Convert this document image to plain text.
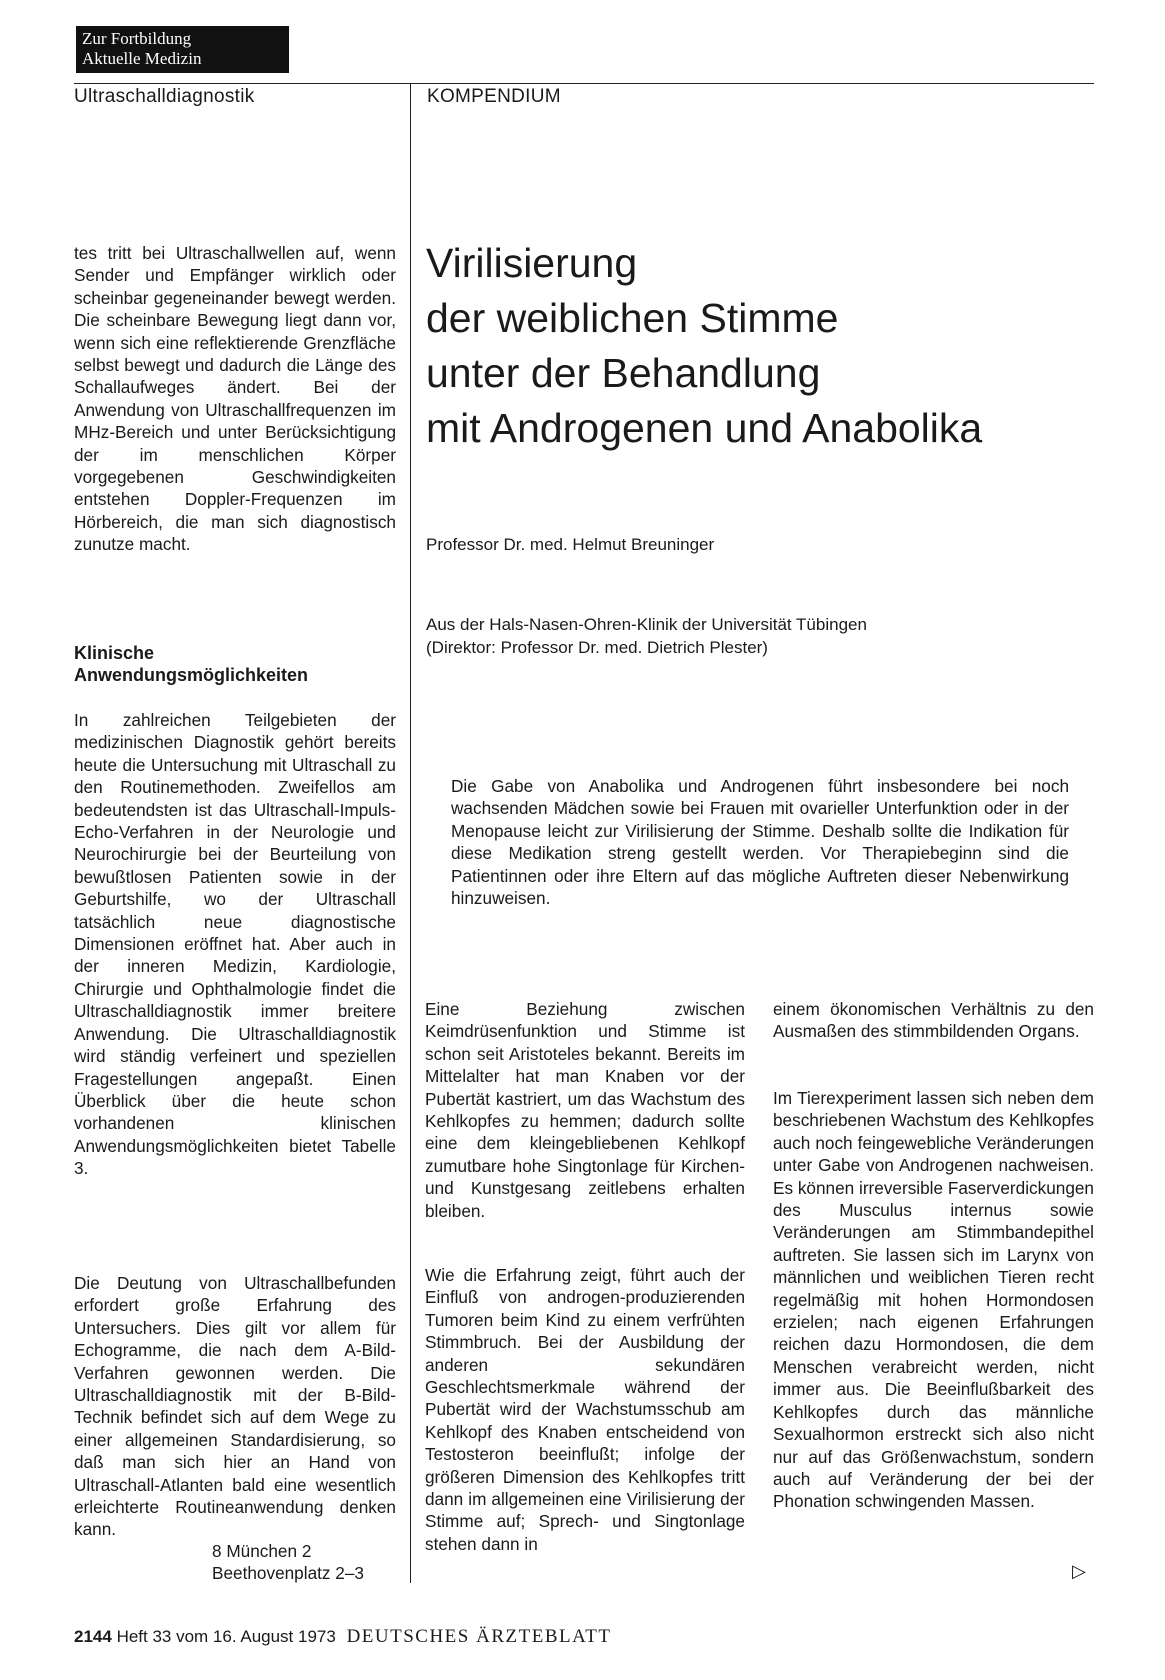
Zur Fortbildung
Aktuelle Medizin
Ultraschalldiagnostik	KOMPENDIUM

tes tritt bei Ultraschallwellen auf, wenn Sender und Empfänger wirklich oder scheinbar gegeneinander bewegt werden. Die scheinbare Bewegung liegt dann vor, wenn sich eine reflektierende Grenzfläche selbst bewegt und dadurch die Länge des Schallaufweges ändert. Bei der Anwendung von Ultraschallfrequenzen im MHz-Bereich und unter Berücksichtigung der im menschlichen Körper vorgegebenen Geschwindigkeiten entstehen Doppler-Frequenzen im Hörbereich, die man sich diagnostisch zunutze macht.

Klinische
Anwendungsmöglichkeiten

In zahlreichen Teilgebieten der medizinischen Diagnostik gehört bereits heute die Untersuchung mit Ultraschall zu den Routinemethoden. Zweifellos am bedeutendsten ist das Ultraschall-Impuls-Echo-Verfahren in der Neurologie und Neurochirurgie bei der Beurteilung von bewußtlosen Patienten sowie in der Geburtshilfe, wo der Ultraschall tatsächlich neue diagnostische Dimensionen eröffnet hat. Aber auch in der inneren Medizin, Kardiologie, Chirurgie und Ophthalmologie findet die Ultraschalldiagnostik immer breitere Anwendung. Die Ultraschalldiagnostik wird ständig verfeinert und speziellen Fragestellungen angepaßt. Einen Überblick über die heute schon vorhandenen klinischen Anwendungsmöglichkeiten bietet Tabelle 3.

Die Deutung von Ultraschallbefunden erfordert große Erfahrung des Untersuchers. Dies gilt vor allem für Echogramme, die nach dem A-Bild-Verfahren gewonnen werden. Die Ultraschalldiagnostik mit der B-Bild-Technik befindet sich auf dem Wege zu einer allgemeinen Standardisierung, so daß man sich hier an Hand von Ultraschall-Atlanten bald eine wesentlich erleichterte Routineanwendung denken kann.

8 München 2
Beethovenplatz 2–3
Virilisierung
der weiblichen Stimme
unter der Behandlung
mit Androgenen und Anabolika
Professor Dr. med. Helmut Breuninger
Aus der Hals-Nasen-Ohren-Klinik der Universität Tübingen
(Direktor: Professor Dr. med. Dietrich Plester)
Die Gabe von Anabolika und Androgenen führt insbesondere bei noch wachsenden Mädchen sowie bei Frauen mit ovarieller Unterfunktion oder in der Menopause leicht zur Virilisierung der Stimme. Deshalb sollte die Indikation für diese Medikation streng gestellt werden. Vor Therapiebeginn sind die Patientinnen oder ihre Eltern auf das mögliche Auftreten dieser Nebenwirkung hinzuweisen.

Eine Beziehung zwischen Keimdrüsenfunktion und Stimme ist schon seit Aristoteles bekannt. Bereits im Mittelalter hat man Knaben vor der Pubertät kastriert, um das Wachstum des Kehlkopfes zu hemmen; dadurch sollte eine dem kleingebliebenen Kehlkopf zumutbare hohe Singtonlage für Kirchen- und Kunstgesang zeitlebens erhalten bleiben.

Wie die Erfahrung zeigt, führt auch der Einfluß von androgen-produzierenden Tumoren beim Kind zu einem verfrühten Stimmbruch. Bei der Ausbildung der anderen sekundären Geschlechtsmerkmale während der Pubertät wird der Wachstumsschub am Kehlkopf des Knaben entscheidend von Testosteron beeinflußt; infolge der größeren Dimension des Kehlkopfes tritt dann im allgemeinen eine Virilisierung der Stimme auf; Sprech- und Singtonlage stehen dann in

einem ökonomischen Verhältnis zu den Ausmaßen des stimmbildenden Organs.

Im Tierexperiment lassen sich neben dem beschriebenen Wachstum des Kehlkopfes auch noch feingewebliche Veränderungen unter Gabe von Androgenen nachweisen. Es können irreversible Faserverdickungen des Musculus internus sowie Veränderungen am Stimmbandepithel auftreten. Sie lassen sich im Larynx von männlichen und weiblichen Tieren recht regelmäßig mit hohen Hormondosen erzielen; nach eigenen Erfahrungen reichen dazu Hormondosen, die dem Menschen verabreicht werden, nicht immer aus. Die Beeinflußbarkeit des Kehlkopfes durch das männliche Sexualhormon erstreckt sich also nicht nur auf das Größenwachstum, sondern auch auf Veränderung der bei der Phonation schwingenden Massen.

▷
2144 Heft 33 vom 16. August 1973 DEUTSCHES ÄRZTEBLATT
